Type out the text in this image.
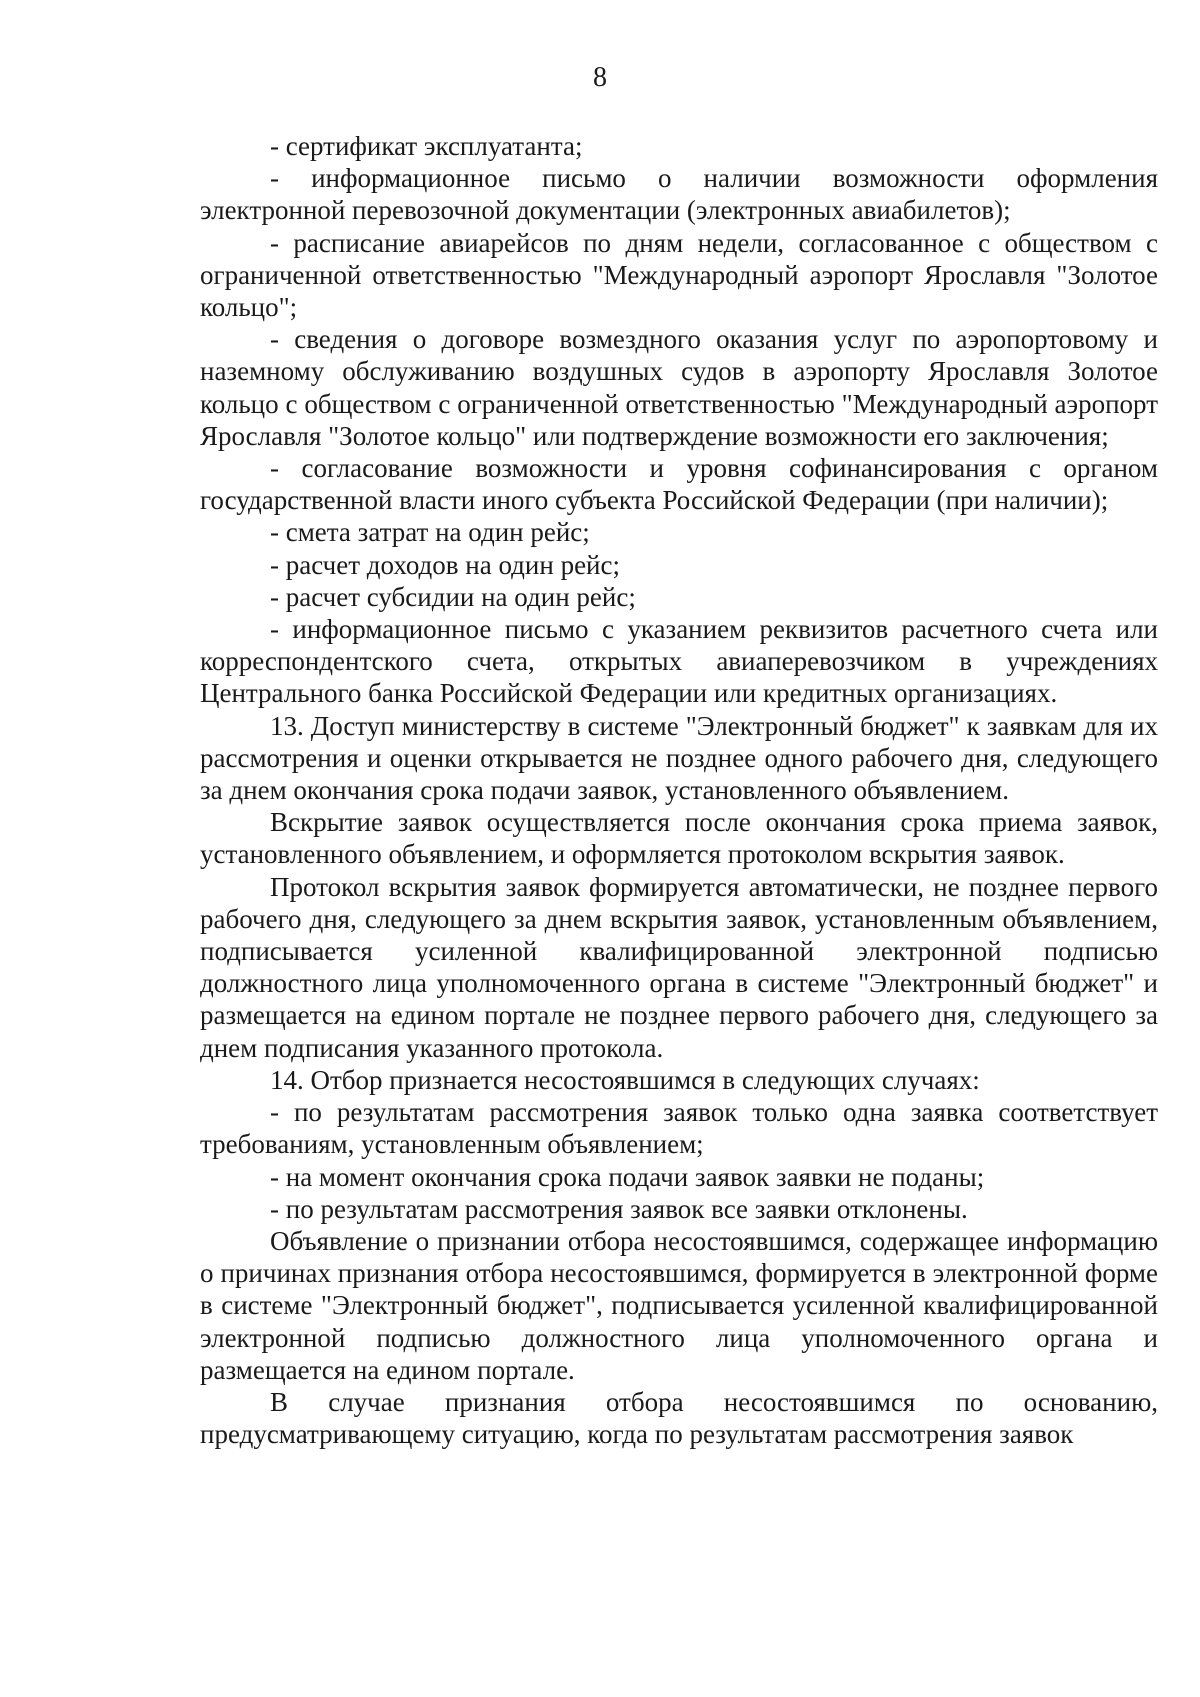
8

- сертификат эксплуатанта;

- информационное письмо о наличии возможности оформления электронной перевозочной документации (электронных авиабилетов);

- расписание авиарейсов по дням недели, согласованное с обществом с ограниченной ответственностью "Международный аэропорт Ярославля "Золотое кольцо";

- сведения о договоре возмездного оказания услуг по аэропортовому и наземному обслуживанию воздушных судов в аэропорту Ярославля Золотое кольцо с обществом с ограниченной ответственностью "Международный аэропорт Ярославля "Золотое кольцо" или подтверждение возможности его заключения;

- согласование возможности и уровня софинансирования с органом государственной власти иного субъекта Российской Федерации (при наличии);

- смета затрат на один рейс;

- расчет доходов на один рейс;

- расчет субсидии на один рейс;

- информационное письмо с указанием реквизитов расчетного счета или корреспондентского счета, открытых авиаперевозчиком в учреждениях Центрального банка Российской Федерации или кредитных организациях.

13. Доступ министерству в системе "Электронный бюджет" к заявкам для их рассмотрения и оценки открывается не позднее одного рабочего дня, следующего за днем окончания срока подачи заявок, установленного объявлением.

Вскрытие заявок осуществляется после окончания срока приема заявок, установленного объявлением, и оформляется протоколом вскрытия заявок.

Протокол вскрытия заявок формируется автоматически, не позднее первого рабочего дня, следующего за днем вскрытия заявок, установленным объявлением, подписывается усиленной квалифицированной электронной подписью должностного лица уполномоченного органа в системе "Электронный бюджет" и размещается на едином портале не позднее первого рабочего дня, следующего за днем подписания указанного протокола.

14. Отбор признается несостоявшимся в следующих случаях:

- по результатам рассмотрения заявок только одна заявка соответствует требованиям, установленным объявлением;

- на момент окончания срока подачи заявок заявки не поданы;

- по результатам рассмотрения заявок все заявки отклонены.

Объявление о признании отбора несостоявшимся, содержащее информацию о причинах признания отбора несостоявшимся, формируется в электронной форме в системе "Электронный бюджет", подписывается усиленной квалифицированной электронной подписью должностного лица уполномоченного органа и размещается на едином портале.

В случае признания отбора несостоявшимся по основанию, предусматривающему ситуацию, когда по результатам рассмотрения заявок
